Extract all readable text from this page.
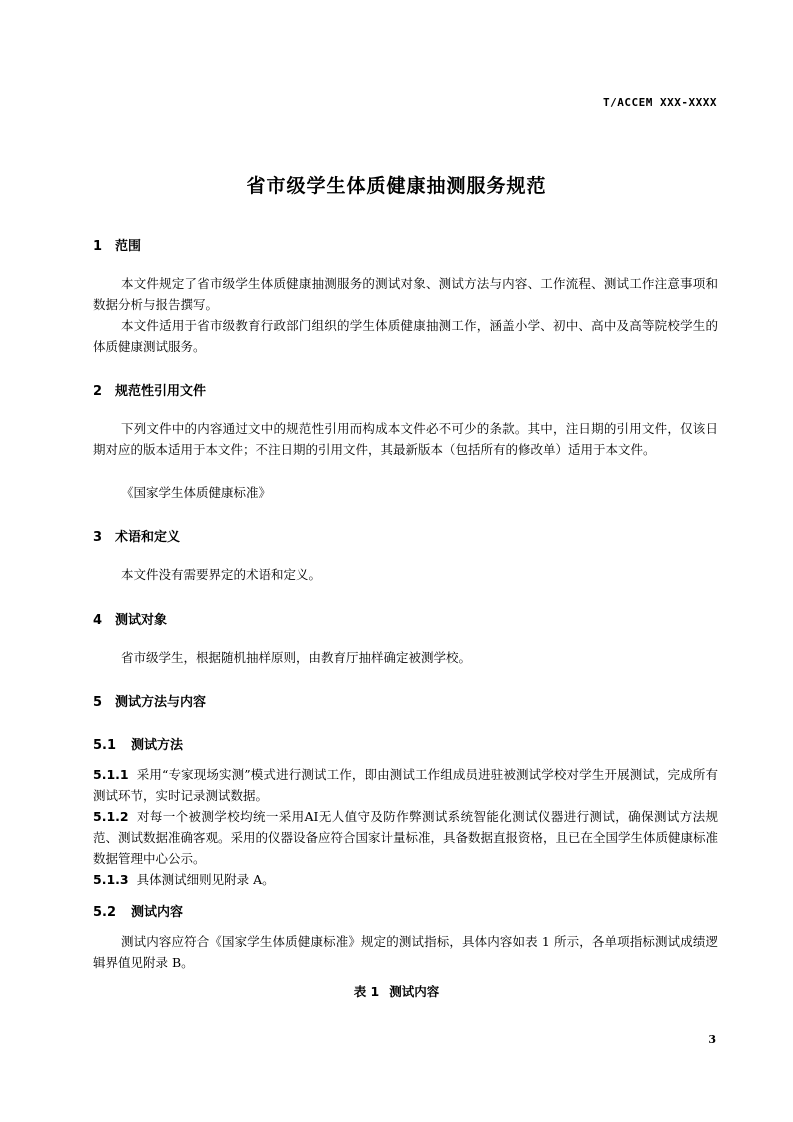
T/ACCEM XXX-XXXX
省市级学生体质健康抽测服务规范
1 范围
本文件规定了省市级学生体质健康抽测服务的测试对象、测试方法与内容、工作流程、测试工作注意事项和数据分析与报告撰写。
本文件适用于省市级教育行政部门组织的学生体质健康抽测工作，涵盖小学、初中、高中及高等院校学生的体质健康测试服务。
2 规范性引用文件
下列文件中的内容通过文中的规范性引用而构成本文件必不可少的条款。其中，注日期的引用文件，仅该日期对应的版本适用于本文件；不注日期的引用文件，其最新版本（包括所有的修改单）适用于本文件。
《国家学生体质健康标准》
3 术语和定义
本文件没有需要界定的术语和定义。
4 测试对象
省市级学生，根据随机抽样原则，由教育厅抽样确定被测学校。
5 测试方法与内容
5.1 测试方法
5.1.1 采用“专家现场实测”模式进行测试工作，即由测试工作组成员进驻被测试学校对学生开展测试，完成所有测试环节，实时记录测试数据。
5.1.2 对每一个被测学校均统一采用AI无人值守及防作弊测试系统智能化测试仪器进行测试，确保测试方法规范、测试数据准确客观。采用的仪器设备应符合国家计量标准，具备数据直报资格，且已在全国学生体质健康标准数据管理中心公示。
5.1.3 具体测试细则见附录 A。
5.2 测试内容
测试内容应符合《国家学生体质健康标准》规定的测试指标，具体内容如表 1 所示，各单项指标测试成绩逻辑界值见附录 B。
表 1 测试内容
3
